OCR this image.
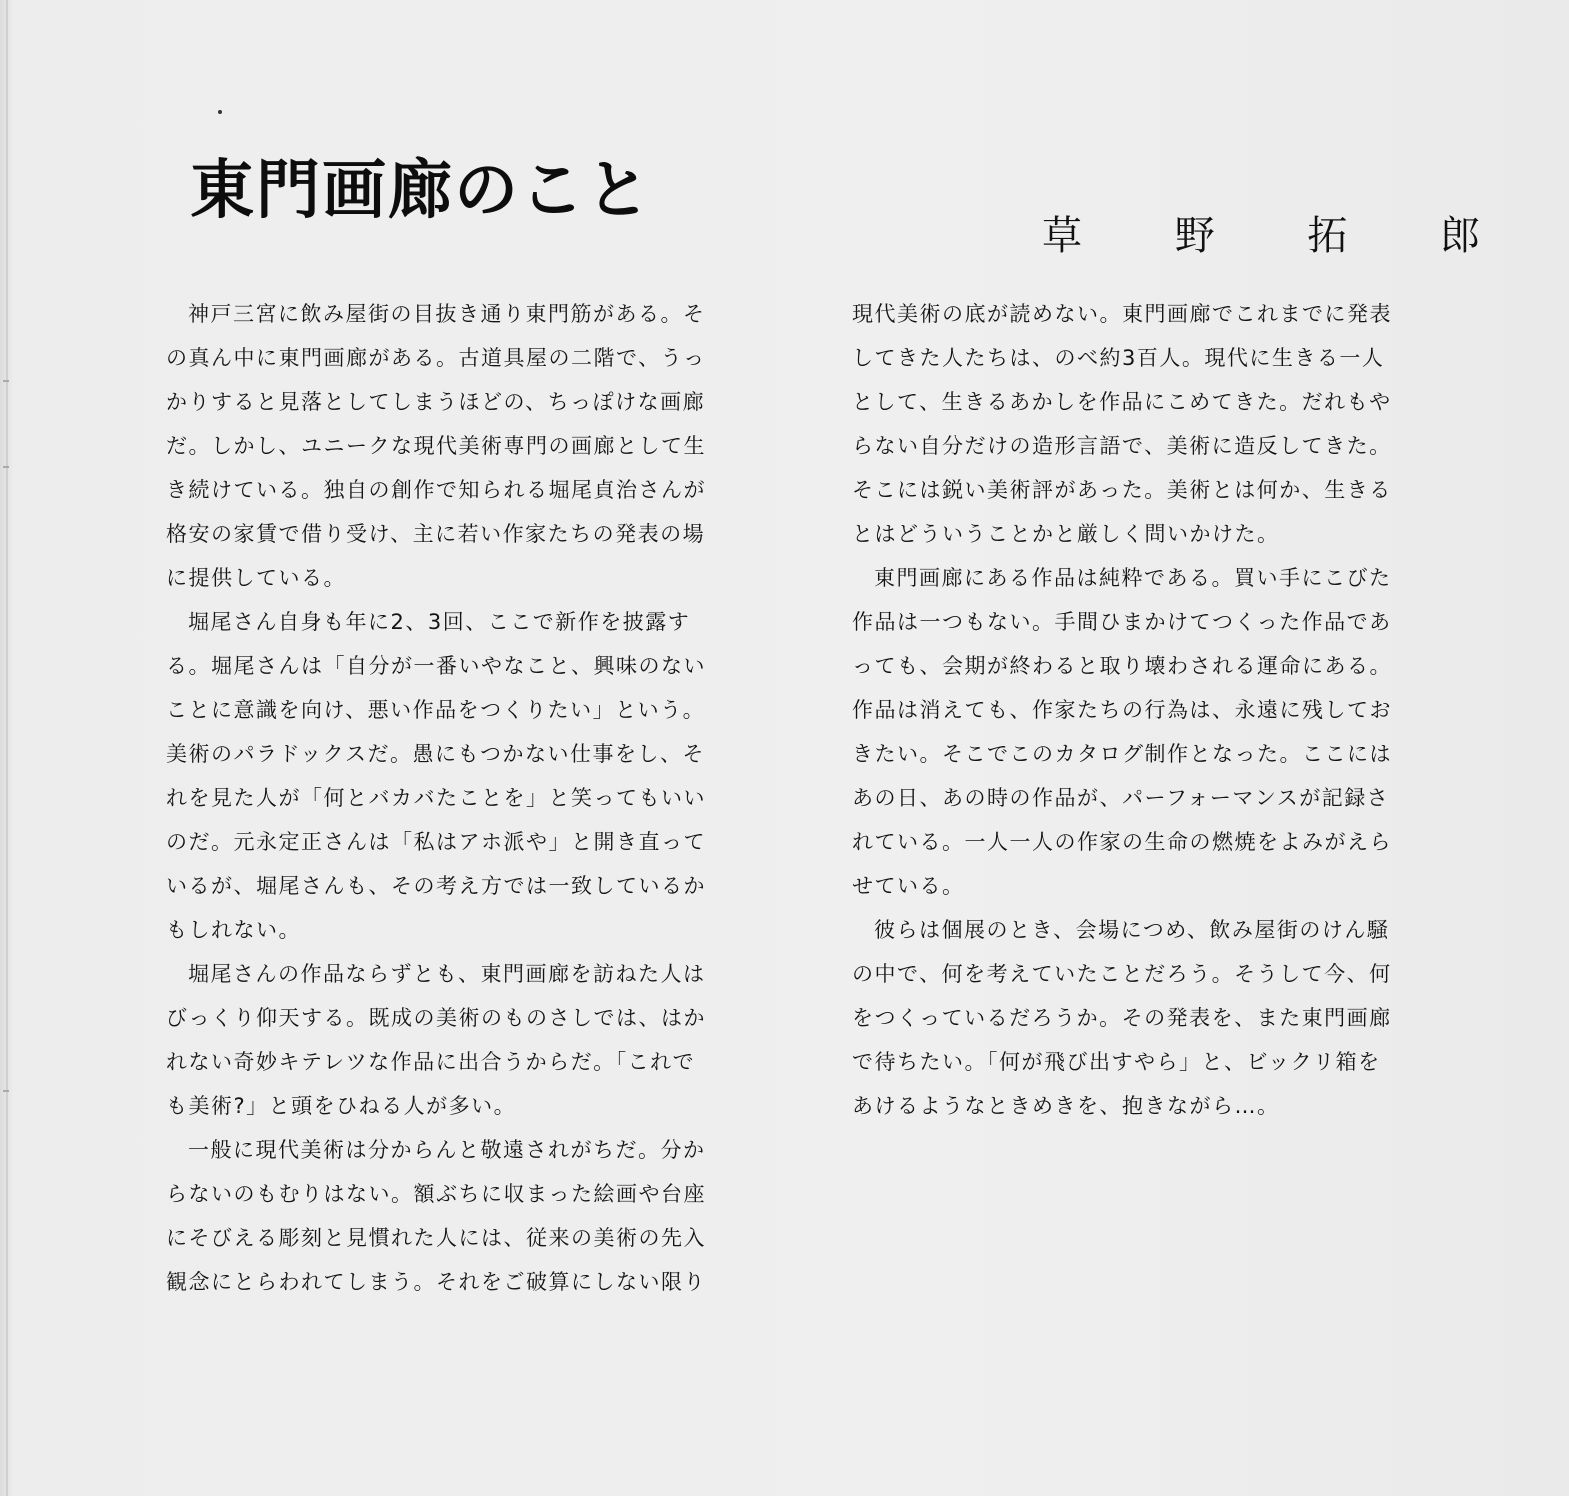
東門画廊のこと
草 野 拓 郎
神戸三宮に飲み屋街の目抜き通り東門筋がある。そ
の真ん中に東門画廊がある。古道具屋の二階で、うっ
かりすると見落としてしまうほどの、ちっぽけな画廊
だ。しかし、ユニークな現代美術専門の画廊として生
き続けている。独自の創作で知られる堀尾貞治さんが
格安の家賃で借り受け、主に若い作家たちの発表の場
に提供している。
堀尾さん自身も年に2、3回、ここで新作を披露す
る。堀尾さんは「自分が一番いやなこと、興味のない
ことに意識を向け、悪い作品をつくりたい」という。
美術のパラドックスだ。愚にもつかない仕事をし、そ
れを見た人が「何とバカバたことを」と笑ってもいい
のだ。元永定正さんは「私はアホ派や」と開き直って
いるが、堀尾さんも、その考え方では一致しているか
もしれない。
堀尾さんの作品ならずとも、東門画廊を訪ねた人は
びっくり仰天する。既成の美術のものさしでは、はか
れない奇妙キテレツな作品に出合うからだ。「これで
も美術?」と頭をひねる人が多い。
一般に現代美術は分からんと敬遠されがちだ。分か
らないのもむりはない。額ぶちに収まった絵画や台座
にそびえる彫刻と見慣れた人には、従来の美術の先入
観念にとらわれてしまう。それをご破算にしない限り
現代美術の底が読めない。東門画廊でこれまでに発表
してきた人たちは、のべ約3百人。現代に生きる一人
として、生きるあかしを作品にこめてきた。だれもや
らない自分だけの造形言語で、美術に造反してきた。
そこには鋭い美術評があった。美術とは何か、生きる
とはどういうことかと厳しく問いかけた。
東門画廊にある作品は純粋である。買い手にこびた
作品は一つもない。手間ひまかけてつくった作品であ
っても、会期が終わると取り壊わされる運命にある。
作品は消えても、作家たちの行為は、永遠に残してお
きたい。そこでこのカタログ制作となった。ここには
あの日、あの時の作品が、パーフォーマンスが記録さ
れている。一人一人の作家の生命の燃焼をよみがえら
せている。
彼らは個展のとき、会場につめ、飲み屋街のけん騒
の中で、何を考えていたことだろう。そうして今、何
をつくっているだろうか。その発表を、また東門画廊
で待ちたい。「何が飛び出すやら」と、ビックリ箱を
あけるようなときめきを、抱きながら…。
